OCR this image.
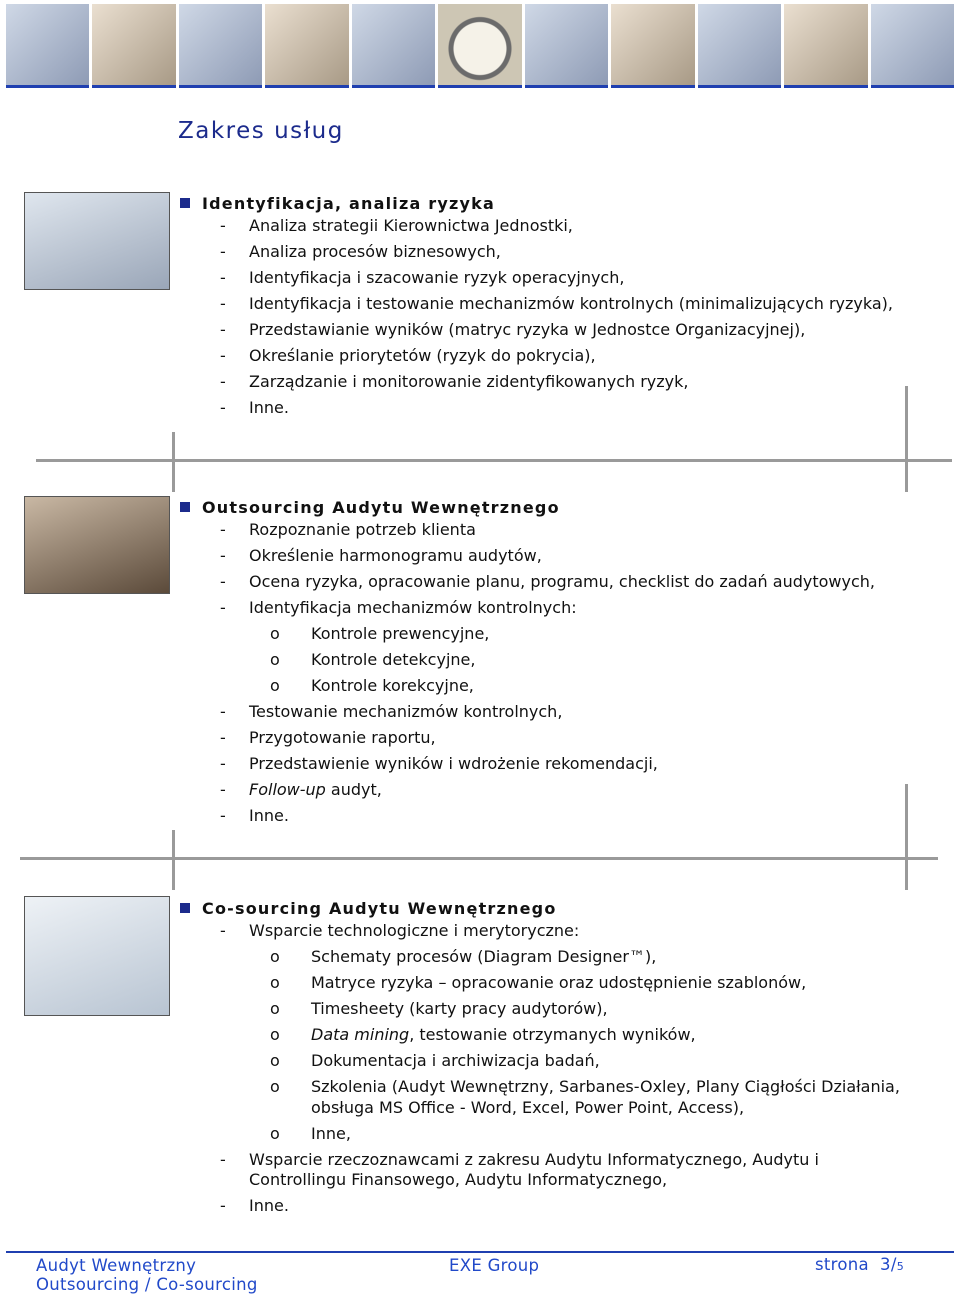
Zakres usług
Identyfikacja, analiza ryzyka
- Analiza strategii Kierownictwa Jednostki,
- Analiza procesów biznesowych,
- Identyfikacja i szacowanie ryzyk operacyjnych,
- Identyfikacja i testowanie mechanizmów kontrolnych (minimalizujących ryzyka),
- Przedstawianie wyników (matryc ryzyka w Jednostce Organizacyjnej),
- Określanie priorytetów (ryzyk do pokrycia),
- Zarządzanie i monitorowanie zidentyfikowanych ryzyk,
- Inne.
Outsourcing Audytu Wewnętrznego
- Rozpoznanie potrzeb klienta
- Określenie harmonogramu audytów,
- Ocena ryzyka, opracowanie planu, programu, checklist do zadań audytowych,
-	Identyfikacja mechanizmów kontrolnych:
o Kontrole prewencyjne,
o Kontrole detekcyjne,
o Kontrole korekcyjne,
- Testowanie mechanizmów kontrolnych,
- Przygotowanie raportu,
- Przedstawienie wyników i wdrożenie rekomendacji,
- Follow-up audyt,
- Inne.
Co-sourcing Audytu Wewnętrznego
-	Wsparcie technologiczne i merytoryczne:
o Schematy procesów (Diagram Designer™),
o Matryce ryzyka – opracowanie oraz udostępnienie szablonów,
o Timesheety (karty pracy audytorów),
o Data mining, testowanie otrzymanych wyników,
o Dokumentacja i archiwizacja badań,
o Szkolenia (Audyt Wewnętrzny, Sarbanes-Oxley, Plany Ciągłości Działania, obsługa MS Office - Word, Excel, Power Point, Access),
o Inne,
- Wsparcie rzeczoznawcami z zakresu Audytu Informatycznego, Audytu i Controllingu Finansowego, Audytu Informatycznego,
- Inne.
Audyt Wewnętrzny
Outsourcing / Co-sourcing
EXE Group	strona 3/5
